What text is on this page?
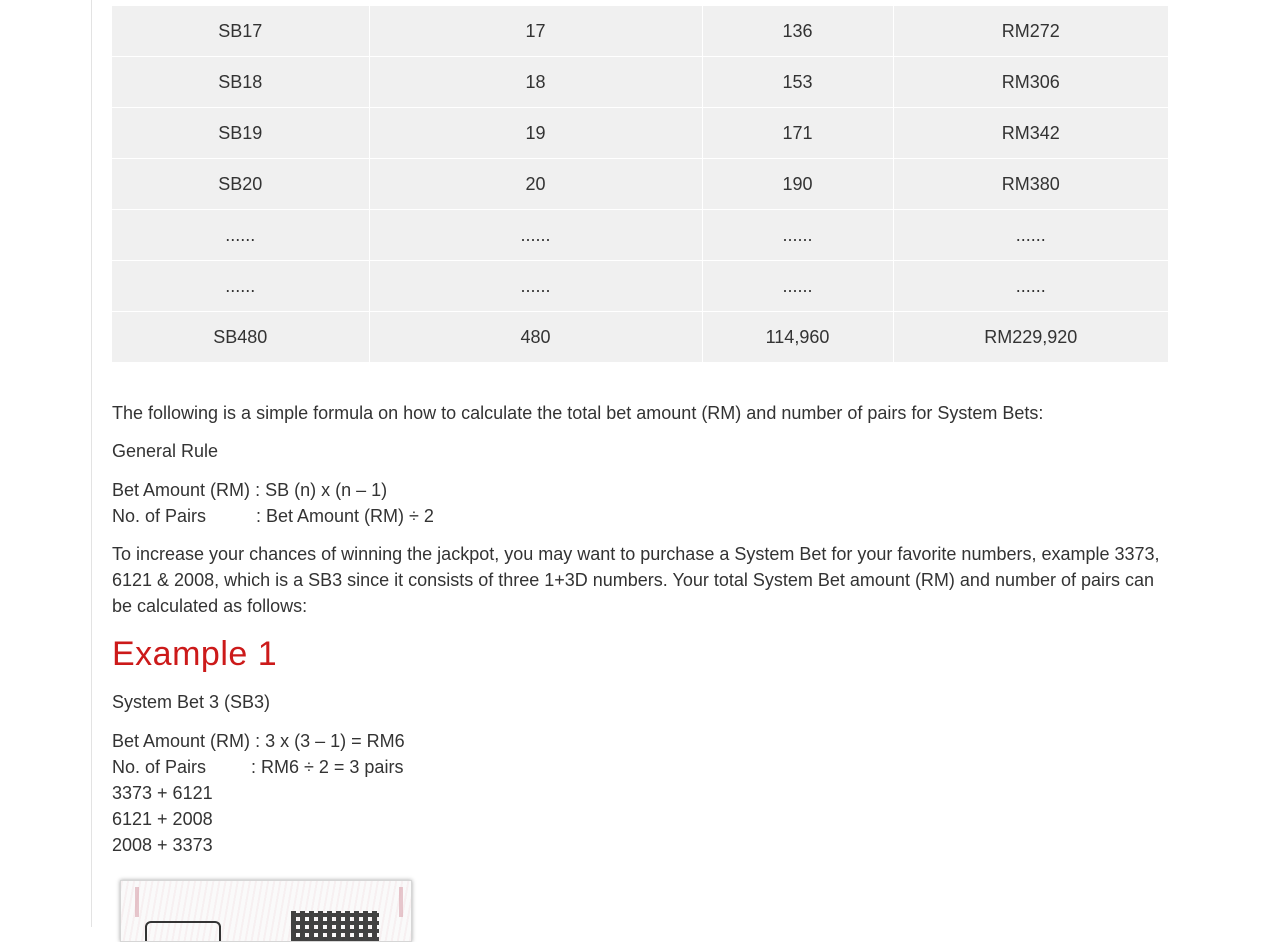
SB17	17	136	RM272
SB18	18	153	RM306
SB19	19	171	RM342
SB20	20	190	RM380
......	......	......	......
......	......	......	......
SB480	480	114,960	RM229,920

The following is a simple formula on how to calculate the total bet amount (RM) and number of pairs for System Bets:

General Rule

Bet Amount (RM) : SB (n) x (n – 1)
No. of Pairs	: Bet Amount (RM) ÷ 2

To increase your chances of winning the jackpot, you may want to purchase a System Bet for your favorite numbers, example 3373, 6121 & 2008, which is a SB3 since it consists of three 1+3D numbers. Your total System Bet amount (RM) and number of pairs can be calculated as follows:

Example 1

System Bet 3 (SB3)

Bet Amount (RM) : 3 x (3 – 1) = RM6
No. of Pairs : RM6 ÷ 2 = 3 pairs
3373 + 6121
6121 + 2008
2008 + 3373
